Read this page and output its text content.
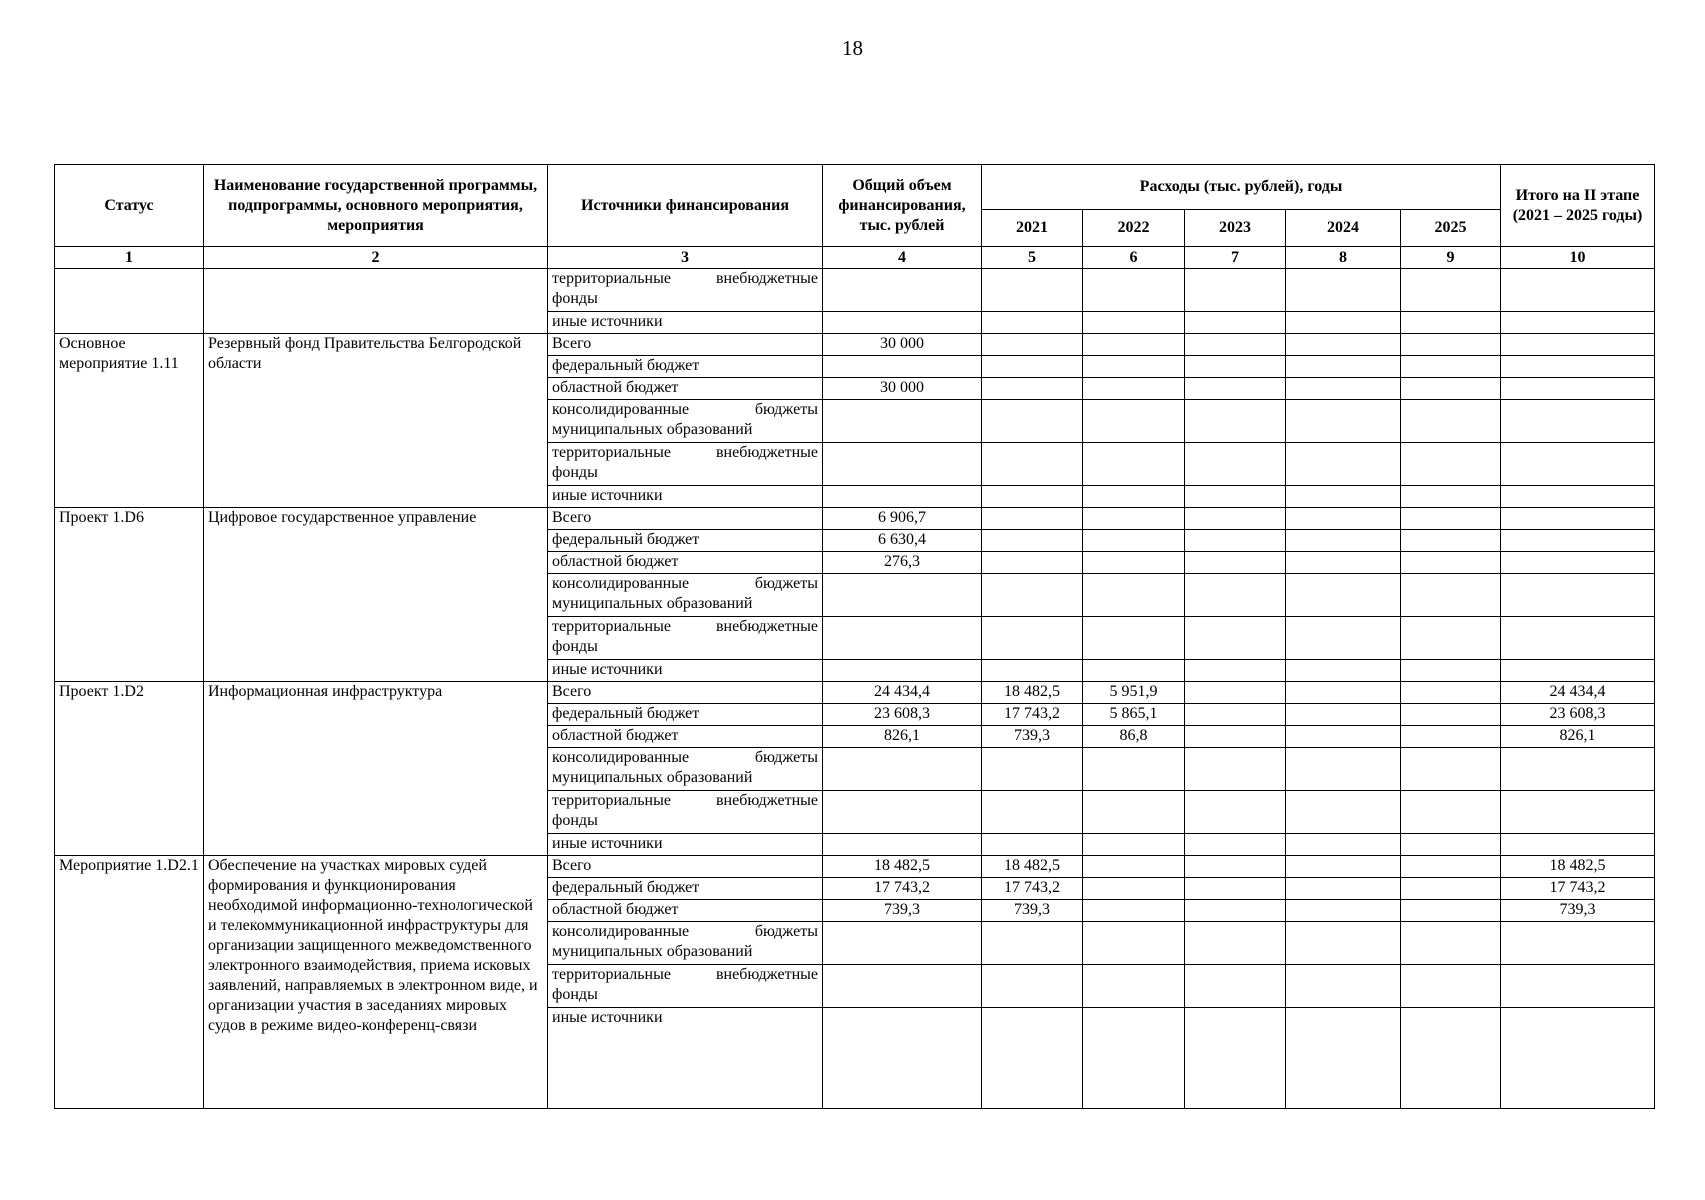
18
Статус	Наименование государственной программы, подпрограммы, основного мероприятия, мероприятия	Источники финансирования	Общий объем финансирования, тыс. рублей	Расходы (тыс. рублей), годы					Итого на II этапе (2021 – 2025 годы)
				2021	2022	2023	2024	2025	
1	2	3	4	5	6	7	8	9	10
		территориальные внебюджетные фонды							
		иные источники							
Основное мероприятие 1.11	Резервный фонд Правительства Белгородской области	Всего	30 000						
		федеральный бюджет							
		областной бюджет	30 000						
		консолидированные бюджеты муниципальных образований							
		территориальные внебюджетные фонды							
		иные источники							
Проект 1.D6	Цифровое государственное управление	Всего	6 906,7						
		федеральный бюджет	6 630,4						
		областной бюджет	276,3						
		консолидированные бюджеты муниципальных образований							
		территориальные внебюджетные фонды							
		иные источники							
Проект 1.D2	Информационная инфраструктура	Всего	24 434,4	18 482,5	5 951,9				24 434,4
		федеральный бюджет	23 608,3	17 743,2	5 865,1				23 608,3
		областной бюджет	826,1	739,3	86,8				826,1
		консолидированные бюджеты муниципальных образований							
		территориальные внебюджетные фонды							
		иные источники							
Мероприятие 1.D2.1	Обеспечение на участках мировых судей формирования и функционирования необходимой информационно-технологической и телекоммуникационной инфраструктуры для организации защищенного межведомственного электронного взаимодействия, приема исковых заявлений, направляемых в электронном виде, и организации участия в заседаниях мировых судов в режиме видео-конференц-связи	Всего	18 482,5	18 482,5					18 482,5
		федеральный бюджет	17 743,2	17 743,2					17 743,2
		областной бюджет	739,3	739,3					739,3
		консолидированные бюджеты муниципальных образований							
		территориальные внебюджетные фонды							
		иные источники							
